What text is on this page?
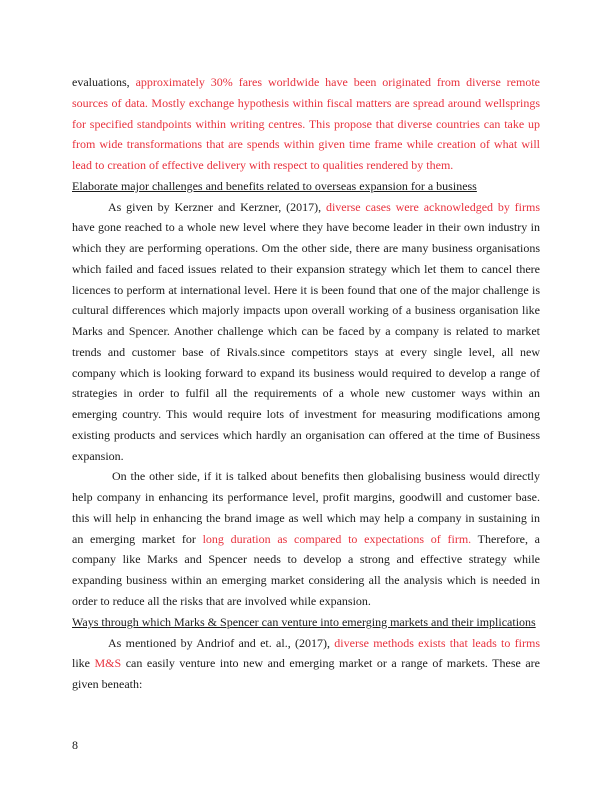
evaluations, approximately 30% fares worldwide have been originated from diverse remote
sources of data. Mostly exchange hypothesis within fiscal matters are spread around wellsprings
for specified standpoints within writing centres. This propose that diverse countries can take up
from wide transformations that are spends within given time frame while creation of what will
lead to creation of effective delivery with respect to qualities rendered by them.
Elaborate major challenges and benefits related to overseas expansion for a business
As given by Kerzner and Kerzner, (2017), diverse cases were acknowledged by firms
have gone reached to a whole new level where they have become leader in their own industry in
which they are performing operations. Om the other side, there are many business organisations
which failed and faced issues related to their expansion strategy which let them to cancel there
licences to perform at international level. Here it is been found that one of the major challenge is
cultural differences which majorly impacts upon overall working of a business organisation like
Marks and Spencer. Another challenge which can be faced by a company is related to market
trends and customer base of Rivals.since competitors stays at every single level, all new
company which is looking forward to expand its business would required to develop a range of
strategies in order to fulfil all the requirements of a whole new customer ways within an
emerging country. This would require lots of investment for measuring modifications among
existing products and services which hardly an organisation can offered at the time of Business
expansion.
On the other side, if it is talked about benefits then globalising business would directly
help company in enhancing its performance level, profit margins, goodwill and customer base.
this will help in enhancing the brand image as well which may help a company in sustaining in
an emerging market for long duration as compared to expectations of firm. Therefore, a
company like Marks and Spencer needs to develop a strong and effective strategy while
expanding business within an emerging market considering all the analysis which is needed in
order to reduce all the risks that are involved while expansion.
Ways through which Marks & Spencer can venture into emerging markets and their implications
As mentioned by Andriof and et. al., (2017), diverse methods exists that leads to firms
like M&S can easily venture into new and emerging market or a range of markets. These are
given beneath:
8
